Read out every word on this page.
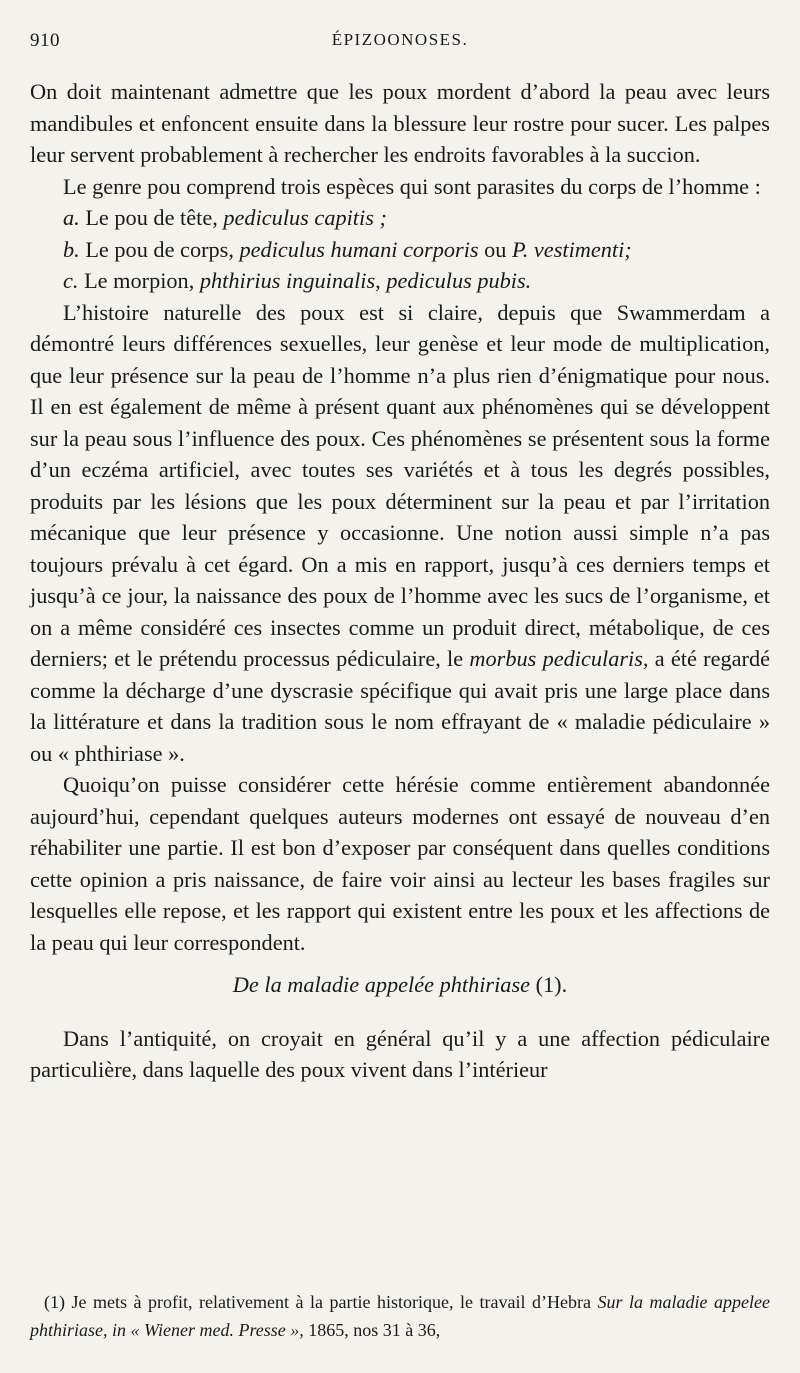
910	ÉPIZOONOSES.

On doit maintenant admettre que les poux mordent d’abord la peau avec leurs mandibules et enfoncent ensuite dans la blessure leur rostre pour sucer. Les palpes leur servent probablement à rechercher les endroits favorables à la succion.

Le genre pou comprend trois espèces qui sont parasites du corps de l’homme :

a. Le pou de tête, pediculus capitis ;

b. Le pou de corps, pediculus humani corporis ou P. vestimenti;

c. Le morpion, phthirius inguinalis, pediculus pubis.

L’histoire naturelle des poux est si claire, depuis que Swammerdam a démontré leurs différences sexuelles, leur genèse et leur mode de multiplication, que leur présence sur la peau de l’homme n’a plus rien d’énigmatique pour nous. Il en est également de même à présent quant aux phénomènes qui se développent sur la peau sous l’influence des poux. Ces phénomènes se présentent sous la forme d’un eczéma artificiel, avec toutes ses variétés et à tous les degrés possibles, produits par les lésions que les poux déterminent sur la peau et par l’irritation mécanique que leur présence y occasionne. Une notion aussi simple n’a pas toujours prévalu à cet égard. On a mis en rapport, jusqu’à ces derniers temps et jusqu’à ce jour, la naissance des poux de l’homme avec les sucs de l’organisme, et on a même considéré ces insectes comme un produit direct, métabolique, de ces derniers; et le prétendu processus pédiculaire, le morbus pedicularis, a été regardé comme la décharge d’une dyscrasie spécifique qui avait pris une large place dans la littérature et dans la tradition sous le nom effrayant de « maladie pédiculaire » ou « phthiriase ».

Quoiqu’on puisse considérer cette hérésie comme entièrement abandonnée aujourd’hui, cependant quelques auteurs modernes ont essayé de nouveau d’en réhabiliter une partie. Il est bon d’exposer par conséquent dans quelles conditions cette opinion a pris naissance, de faire voir ainsi au lecteur les bases fragiles sur lesquelles elle repose, et les rapport qui existent entre les poux et les affections de la peau qui leur correspondent.

De la maladie appelée phthiriase (1).

Dans l’antiquité, on croyait en général qu’il y a une affection pédiculaire particulière, dans laquelle des poux vivent dans l’intérieur

(1) Je mets à profit, relativement à la partie historique, le travail d’Hebra Sur la maladie appelee phthiriase, in « Wiener med. Presse », 1865, nos 31 à 36,
